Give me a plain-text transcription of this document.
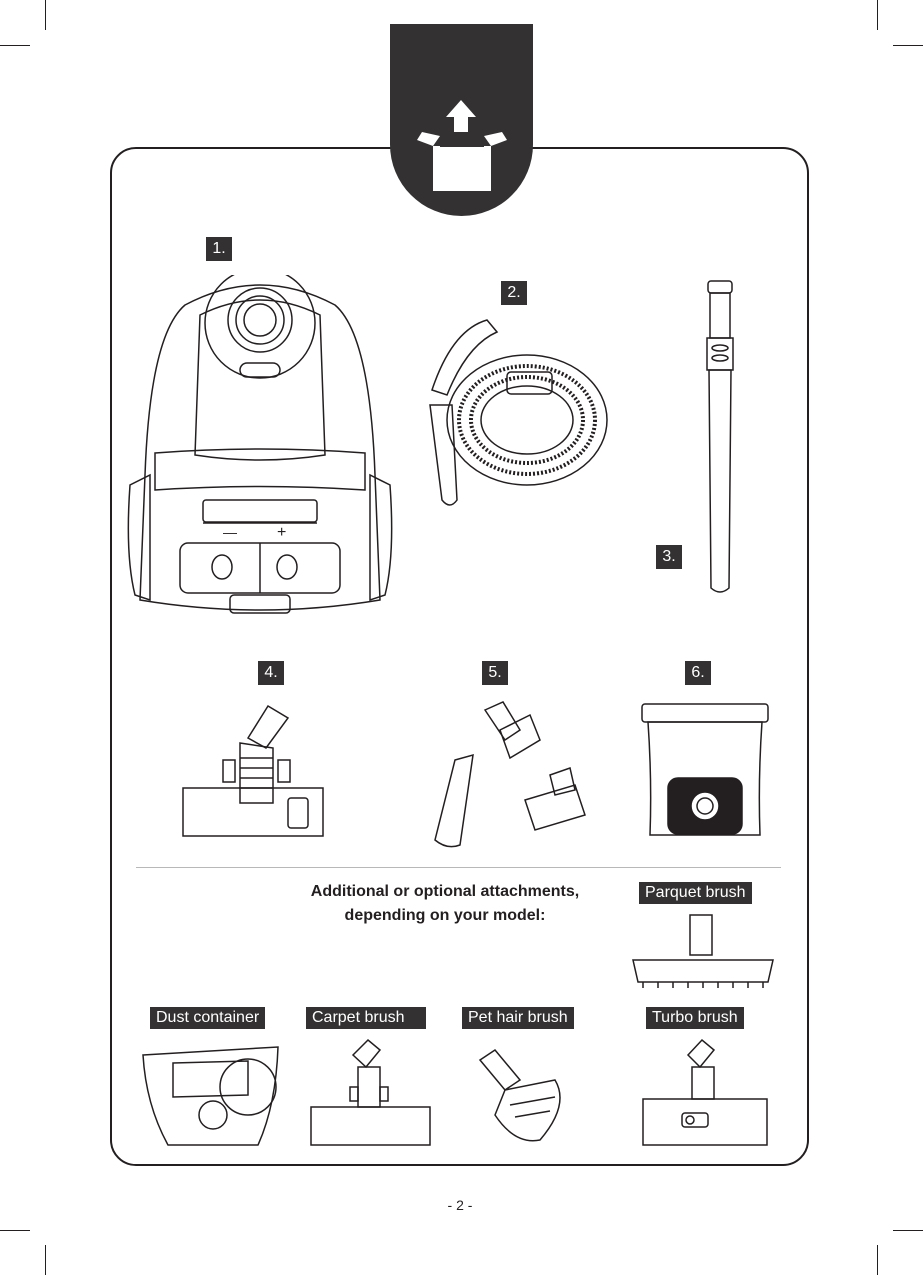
1.
2.
3.
4.	5.	6.
—	+
Additional or optional attachments,
depending on your model:
Parquet brush
Dust container	Carpet brush	Pet hair brush	Turbo brush
- 2 -
